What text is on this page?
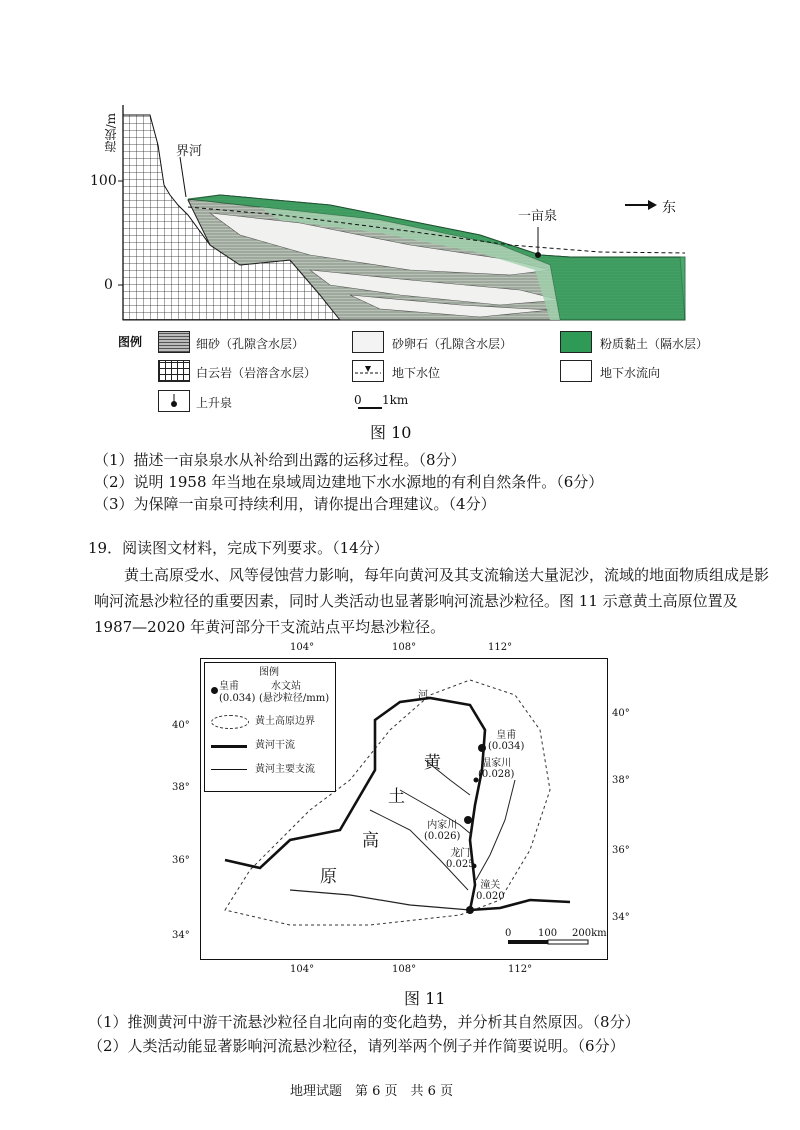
海拔/m
100
0
界河
一亩泉
东
图例	细砂（孔隙含水层）	砂卵石（孔隙含水层）	粉质黏土（隔水层）
白云岩（岩溶含水层）	地下水位	地下水流向
上升泉	0 1km
图 10
（1）描述一亩泉泉水从补给到出露的运移过程。（8分）
（2）说明 1958 年当地在泉域周边建地下水水源地的有利自然条件。（6分）
（3）为保障一亩泉可持续利用，请你提出合理建议。（4分）
19．阅读图文材料，完成下列要求。（14分）
黄土高原受水、风等侵蚀营力影响，每年向黄河及其支流输送大量泥沙，流域的地面物质组成是影响河流悬沙粒径的重要因素，同时人类活动也显著影响河流悬沙粒径。图 11 示意黄土高原位置及 1987—2020 年黄河部分干支流站点平均悬沙粒径。
104°	108°	112°
104°	108°	112°
40°
38°
36°
34°
40°
38°
36°
34°
图例
皇甫
(0.034)
水文站
(悬沙粒径/mm)
黄土高原边界
黄河干流
黄河主要支流	黄
土
高
原
河
皇甫
(0.034)
温家川
(0.028)
内家川
(0.026)
龙门
0.025
潼关
0.020
0	100 200km
图 11
（1）推测黄河中游干流悬沙粒径自北向南的变化趋势，并分析其自然原因。（8分）
（2）人类活动能显著影响河流悬沙粒径，请列举两个例子并作简要说明。（6分）
地理试题　第 6 页　共 6 页
